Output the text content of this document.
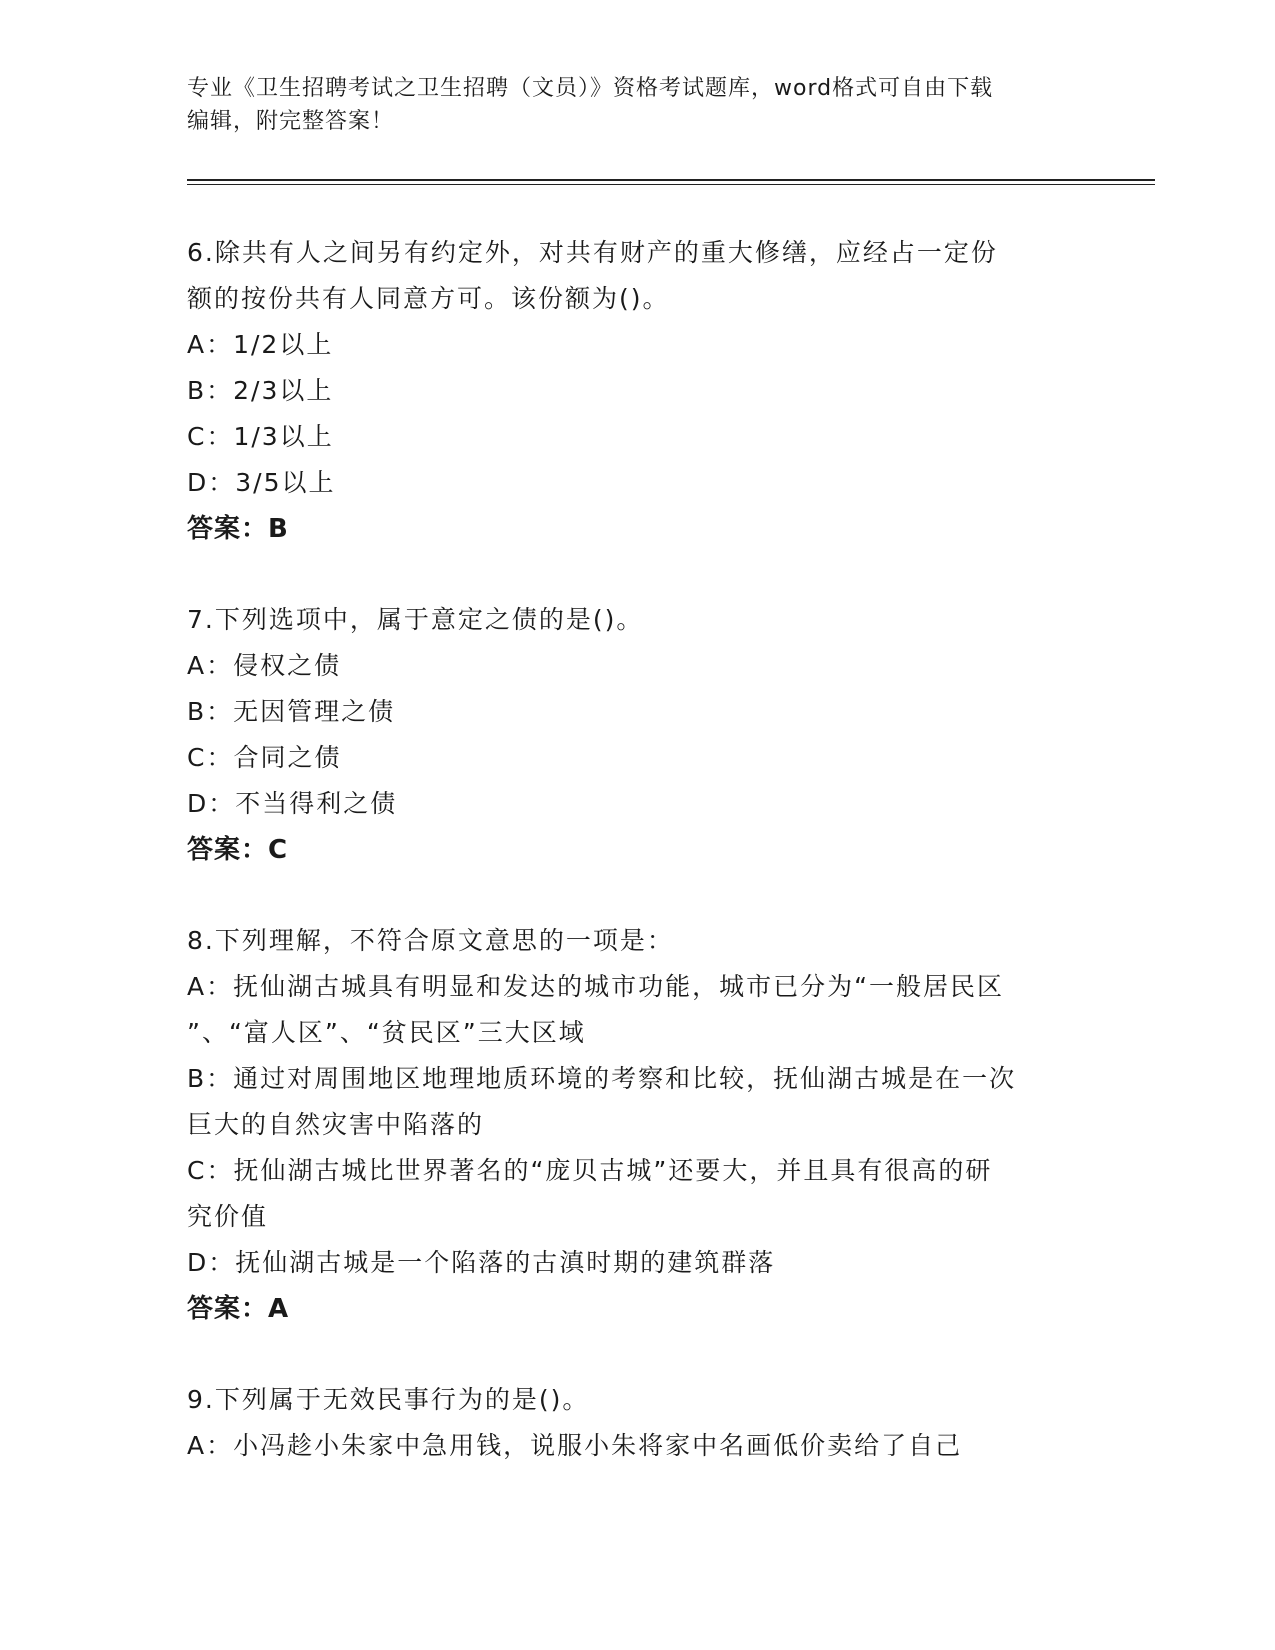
专业《卫生招聘考试之卫生招聘（文员）》资格考试题库，word格式可自由下载
编辑，附完整答案！
6.除共有人之间另有约定外，对共有财产的重大修缮，应经占一定份
额的按份共有人同意方可。该份额为()。
A：1/2以上
B：2/3以上
C：1/3以上
D：3/5以上
答案：B
7.下列选项中，属于意定之债的是()。
A：侵权之债
B：无因管理之债
C：合同之债
D：不当得利之债
答案：C
8.下列理解，不符合原文意思的一项是：
A：抚仙湖古城具有明显和发达的城市功能，城市已分为“一般居民区
”、“富人区”、“贫民区”三大区域
B：通过对周围地区地理地质环境的考察和比较，抚仙湖古城是在一次
巨大的自然灾害中陷落的
C：抚仙湖古城比世界著名的“庞贝古城”还要大，并且具有很高的研
究价值
D：抚仙湖古城是一个陷落的古滇时期的建筑群落
答案：A
9.下列属于无效民事行为的是()。
A：小冯趁小朱家中急用钱，说服小朱将家中名画低价卖给了自己
